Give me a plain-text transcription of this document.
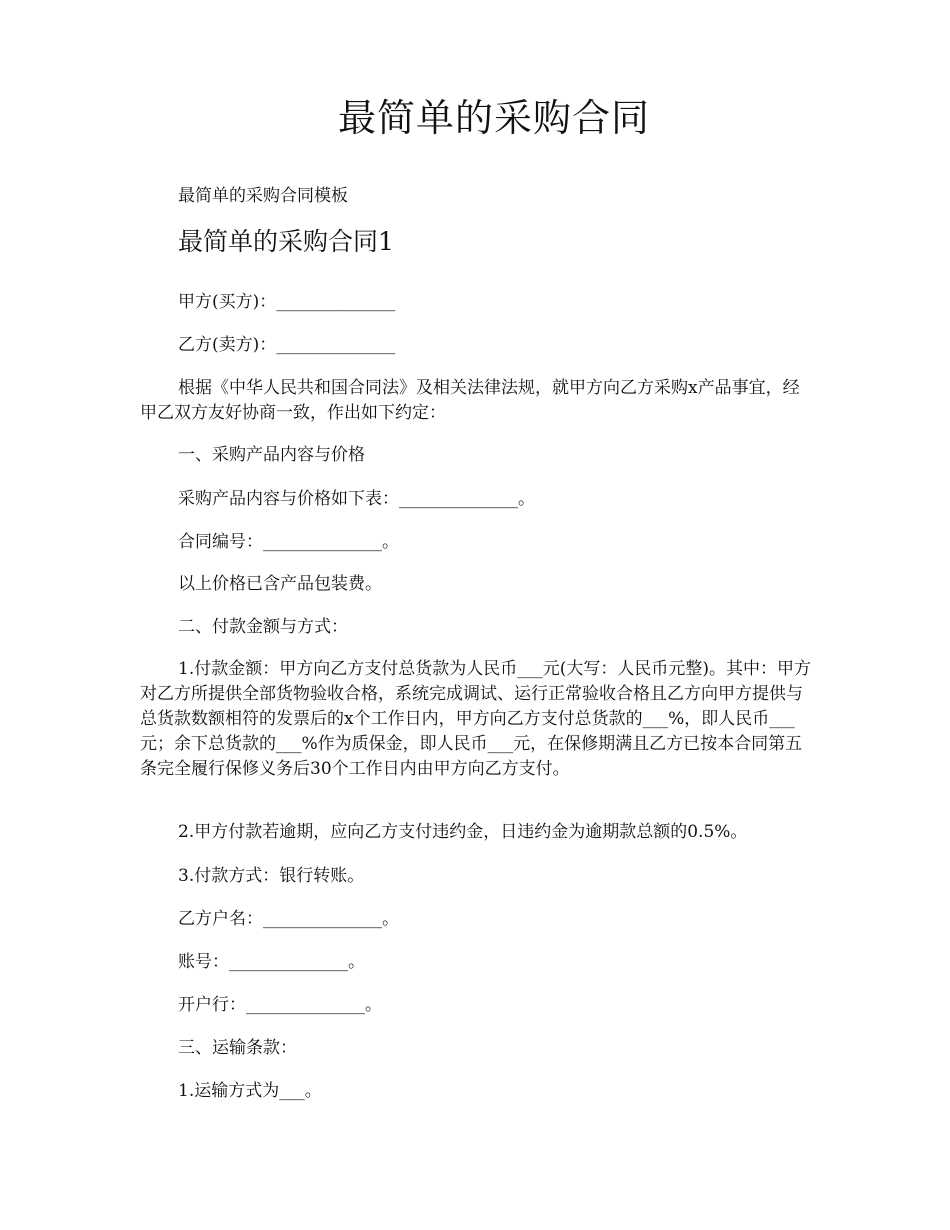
最简单的采购合同
最简单的采购合同模板
最简单的采购合同1

甲方(买方)：______________

乙方(卖方)：______________

根据《中华人民共和国合同法》及相关法律法规，就甲方向乙方采购x产品事宜，经甲乙双方友好协商一致，作出如下约定：

一、采购产品内容与价格

采购产品内容与价格如下表：______________。

合同编号：______________。

以上价格已含产品包装费。

二、付款金额与方式：

1.付款金额：甲方向乙方支付总货款为人民币___元(大写：人民币元整)。其中：甲方对乙方所提供全部货物验收合格，系统完成调试、运行正常验收合格且乙方向甲方提供与总货款数额相符的发票后的x个工作日内，甲方向乙方支付总货款的___%，即人民币___元；余下总货款的___%作为质保金，即人民币___元，在保修期满且乙方已按本合同第五条完全履行保修义务后30个工作日内由甲方向乙方支付。

2.甲方付款若逾期，应向乙方支付违约金，日违约金为逾期款总额的0.5%。

3.付款方式：银行转账。

乙方户名：______________。

账号：______________。

开户行：______________。

三、运输条款：

1.运输方式为___。
